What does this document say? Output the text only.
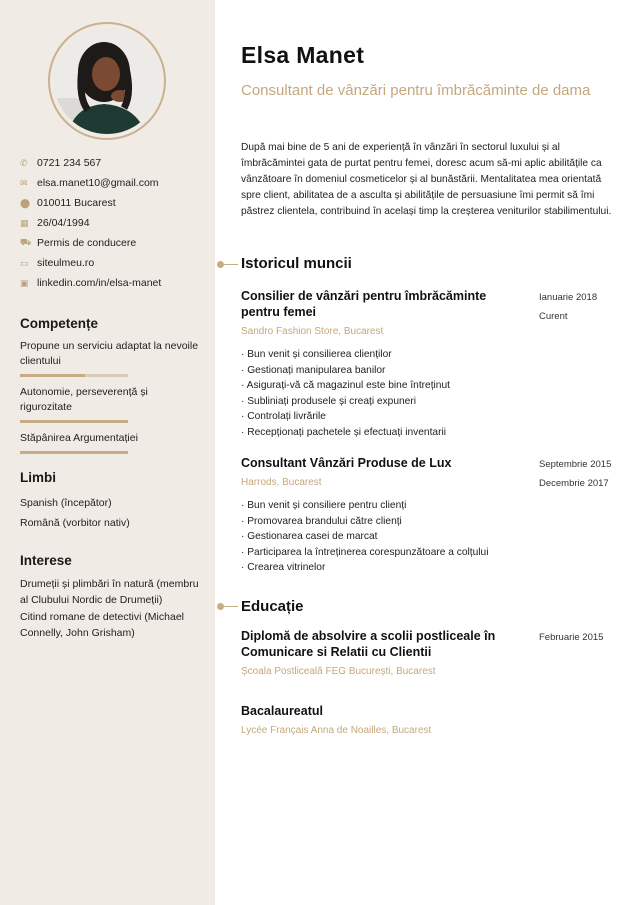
✆ 0721 234 567
✉ elsa.manet10@gmail.com
⬤ 010011 Bucarest
▦ 26/04/1994
⛟ Permis de conducere
▭ siteulmeu.ro
▣ linkedin.com/in/elsa-manet
Competențe
Propune un serviciu adaptat la nevoile clientului
Autonomie, perseverență și rigurozitate
Stăpânirea Argumentației
Limbi
Spanish (începător)
Română (vorbitor nativ)
Interese
Drumeții și plimbări în natură (membru al Clubului Nordic de Drumeții)
Citind romane de detectivi (Michael Connelly, John Grisham)
Elsa Manet
Consultant de vânzări pentru îmbrăcăminte de dama
După mai bine de 5 ani de experiență în vânzări în sectorul luxului și al îmbrăcămintei gata de purtat pentru femei, doresc acum să-mi aplic abilitățile ca vânzătoare în domeniul cosmeticelor și al bunăstării. Mentalitatea mea orientată spre client, abilitatea de a asculta și abilitățile de persuasiune îmi permit să îmi păstrez clientela, contribuind în același timp la creșterea veniturilor stabilimentului.
Istoricul muncii
Consilier de vânzări pentru îmbrăcăminte pentru femei
Sandro Fashion Store, Bucarest
Ianuarie 2018
Curent
· Bun venit și consilierea clienților
· Gestionați manipularea banilor
· Asigurați-vă că magazinul este bine întreținut
· Subliniați produsele și creați expuneri
· Controlați livrările
· Recepționați pachetele și efectuați inventarii
Consultant Vânzări Produse de Lux
Harrods, Bucarest
Septembrie 2015
Decembrie 2017
· Bun venit și consiliere pentru clienți
· Promovarea brandului către clienți
· Gestionarea casei de marcat
· Participarea la întreținerea corespunzătoare a colțului
· Crearea vitrinelor
Educație
Diplomă de absolvire a scolii postliceale în Comunicare si Relatii cu Clientii
Școala Postliceală FEG București, Bucarest
Februarie 2015
Bacalaureatul
Lycée Français Anna de Noailles, Bucarest
